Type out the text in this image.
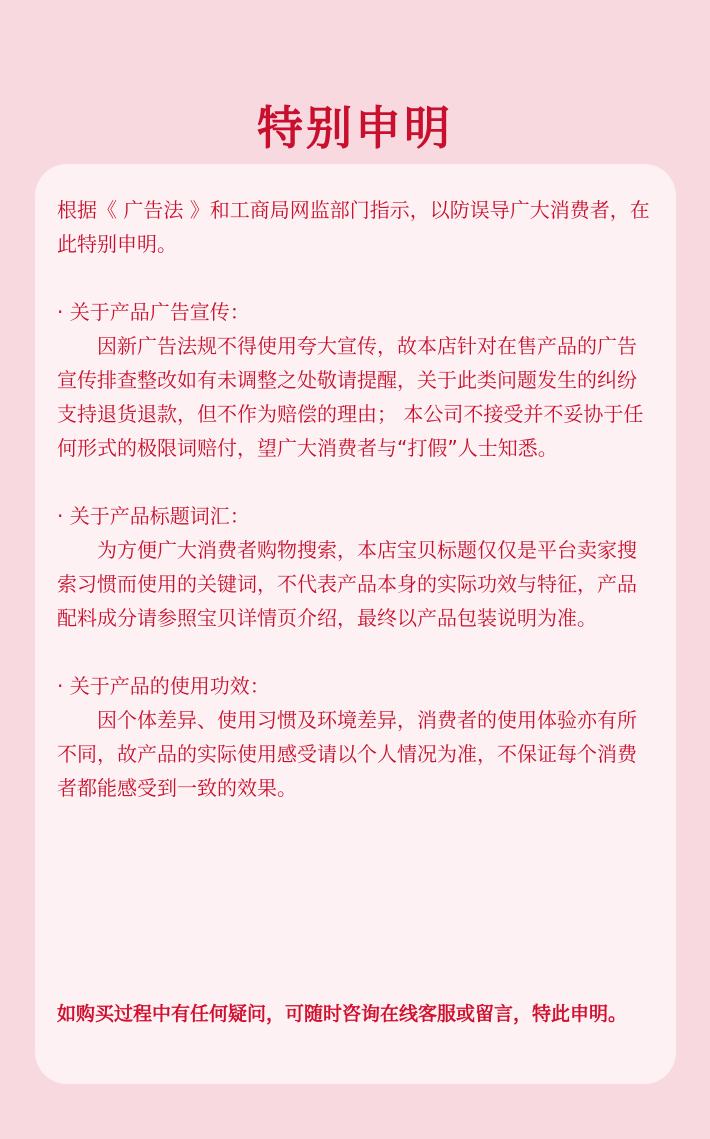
特别申明

根据《 广告法 》和工商局网监部门指示，以防误导广大消费者，在此特别申明。

· 关于产品广告宣传：

因新广告法规不得使用夸大宣传，故本店针对在售产品的广告宣传排查整改如有未调整之处敬请提醒，关于此类问题发生的纠纷支持退货退款，但不作为赔偿的理由； 本公司不接受并不妥协于任何形式的极限词赔付，望广大消费者与“打假”人士知悉。

· 关于产品标题词汇：

为方便广大消费者购物搜索，本店宝贝标题仅仅是平台卖家搜索习惯而使用的关键词，不代表产品本身的实际功效与特征，产品配料成分请参照宝贝详情页介绍，最终以产品包装说明为准。

· 关于产品的使用功效：

因个体差异、使用习惯及环境差异，消费者的使用体验亦有所不同，故产品的实际使用感受请以个人情况为准，不保证每个消费者都能感受到一致的效果。

如购买过程中有任何疑问，可随时咨询在线客服或留言，特此申明。
